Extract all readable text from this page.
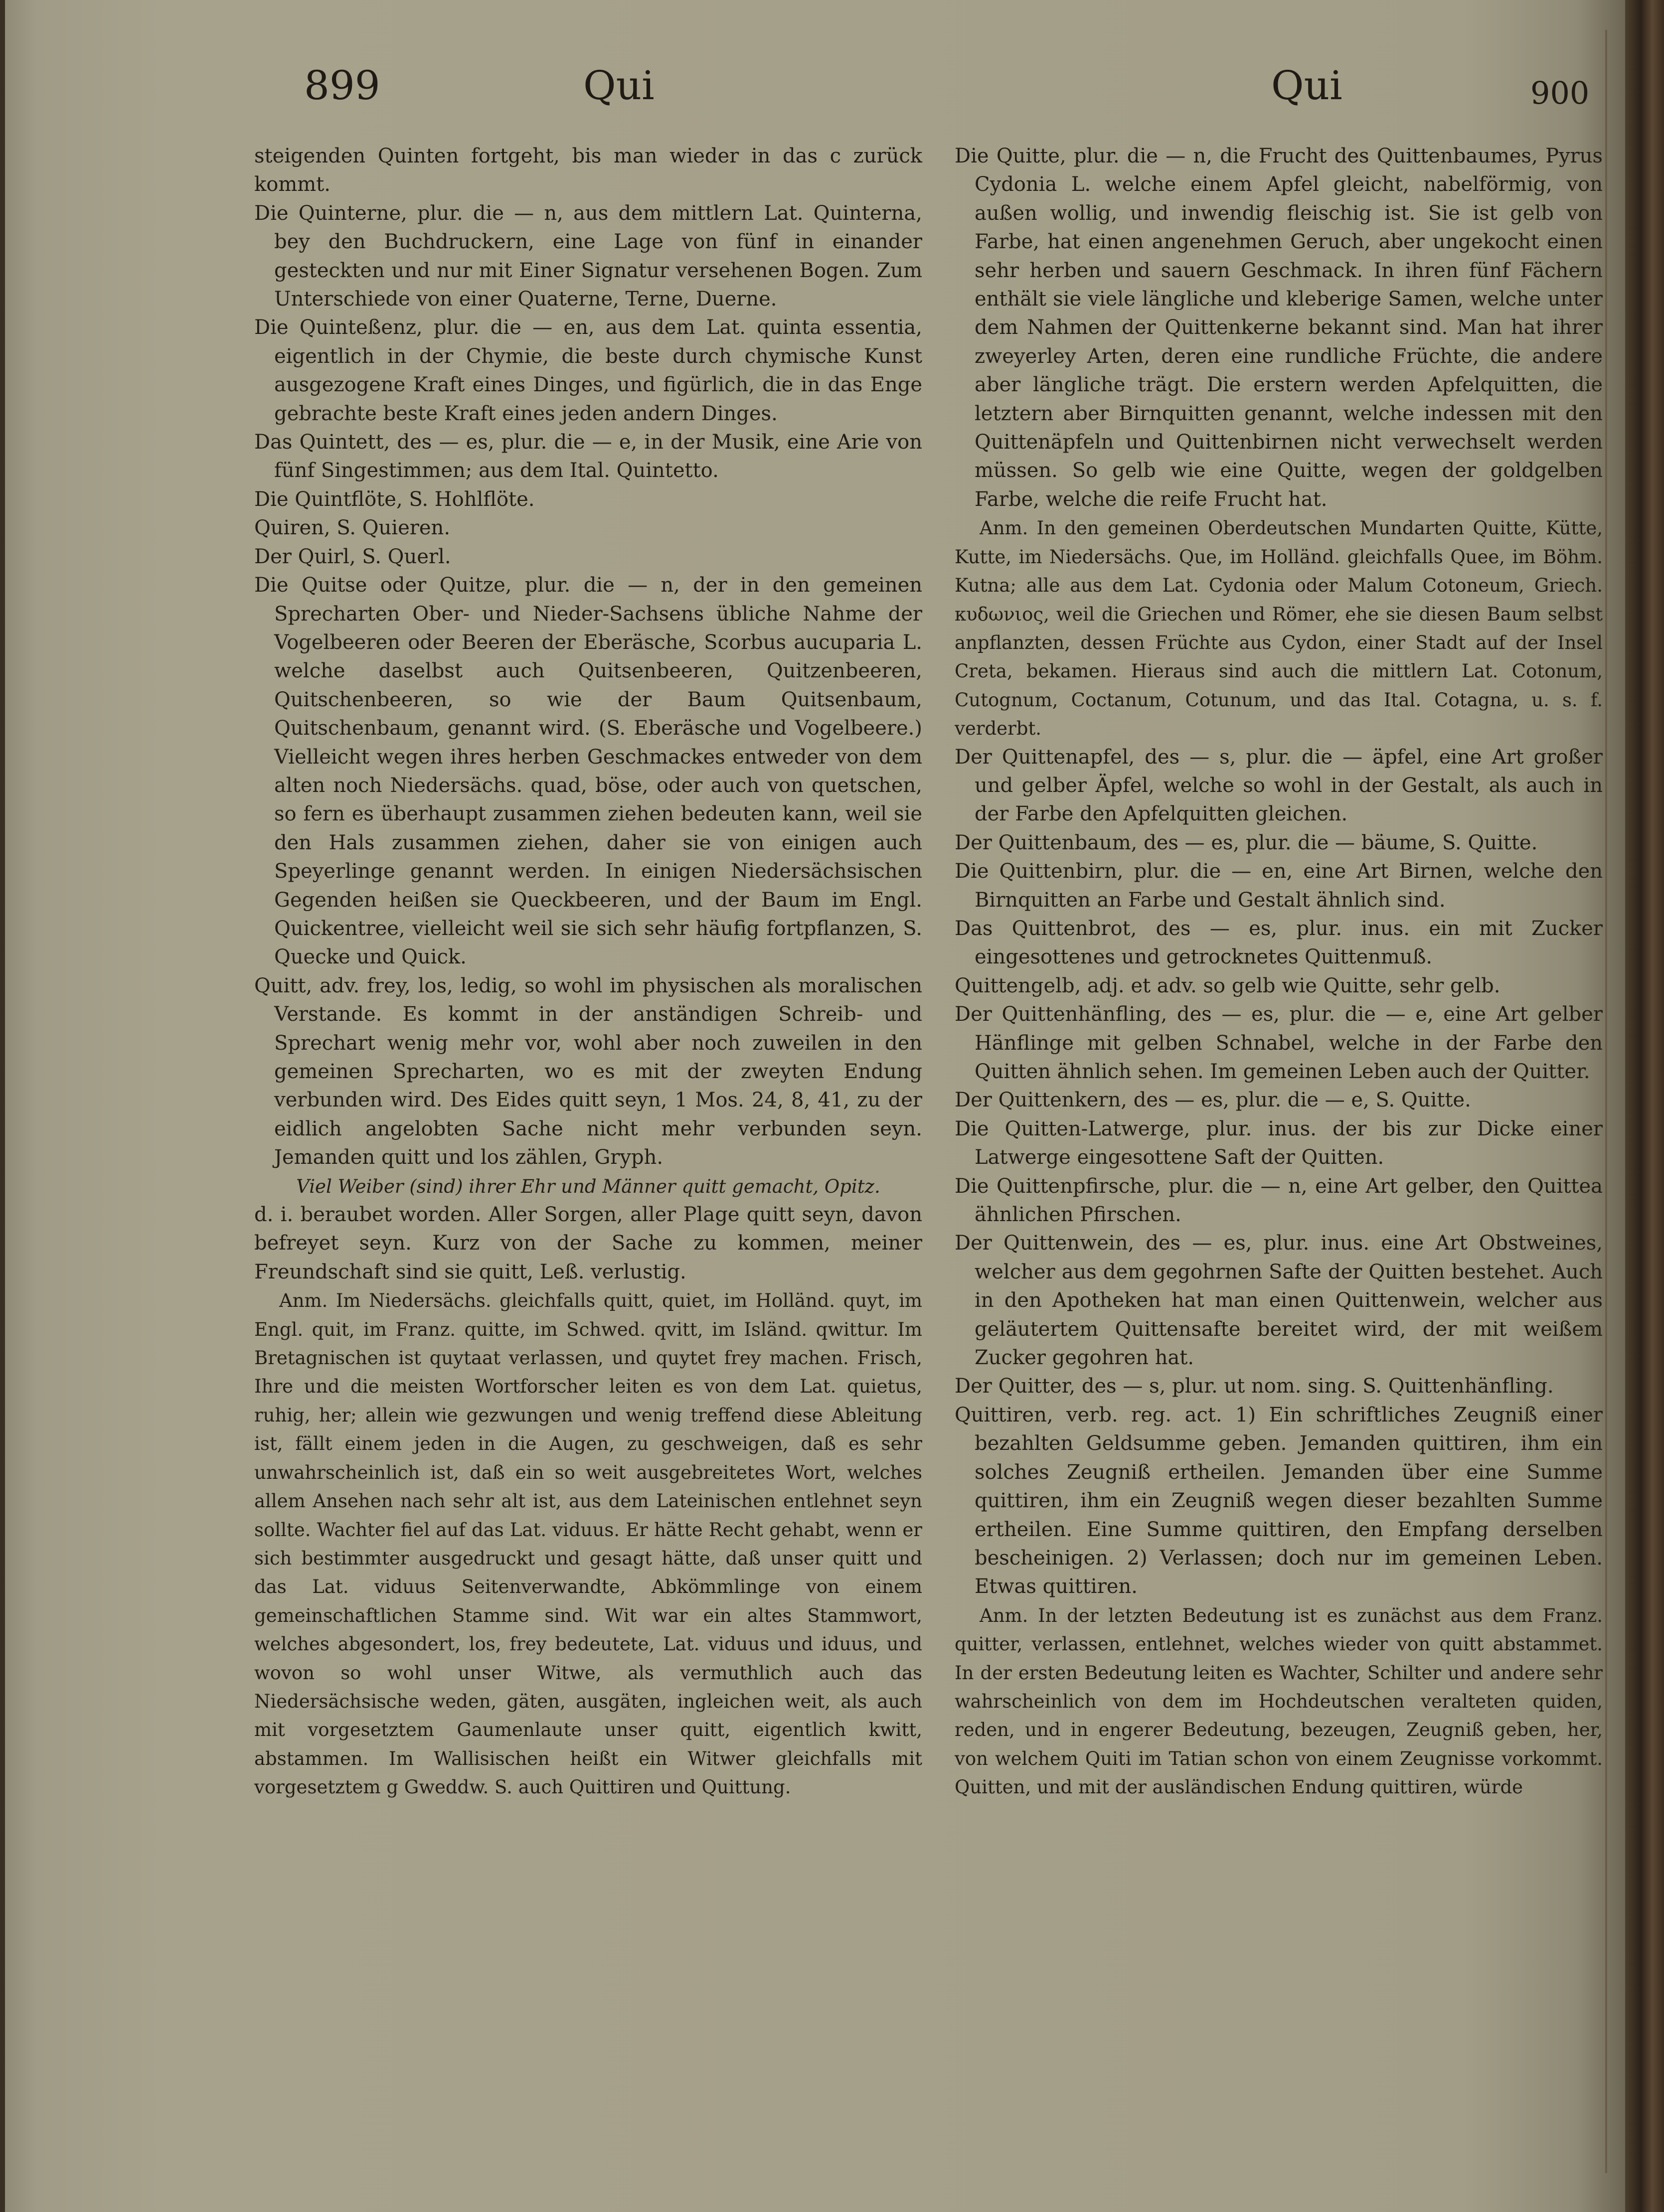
899	Qui	Qui	900

steigenden Quinten fortgeht, bis man wieder in das c zurück kommt.

Die Quinterne, plur. die — n, aus dem mittlern Lat. Quinterna, bey den Buchdruckern, eine Lage von fünf in einander gesteckten und nur mit Einer Signatur versehenen Bogen. Zum Unterschiede von einer Quaterne, Terne, Duerne.

Die Quinteßenz, plur. die — en, aus dem Lat. quinta essentia, eigentlich in der Chymie, die beste durch chymische Kunst ausgezogene Kraft eines Dinges, und figürlich, die in das Enge gebrachte beste Kraft eines jeden andern Dinges.

Das Quintett, des — es, plur. die — e, in der Musik, eine Arie von fünf Singestimmen; aus dem Ital. Quintetto.

Die Quintflöte, S. Hohlflöte.

Quiren, S. Quieren.

Der Quirl, S. Querl.

Die Quitse oder Quitze, plur. die — n, der in den gemeinen Sprecharten Ober- und Nieder-Sachsens übliche Nahme der Vogelbeeren oder Beeren der Eberäsche, Scorbus aucuparia L. welche daselbst auch Quitsenbeeren, Quitzenbeeren, Quitschenbeeren, so wie der Baum Quitsenbaum, Quitschenbaum, genannt wird. (S. Eberäsche und Vogelbeere.) Vielleicht wegen ihres herben Geschmackes entweder von dem alten noch Niedersächs. quad, böse, oder auch von quetschen, so fern es überhaupt zusammen ziehen bedeuten kann, weil sie den Hals zusammen ziehen, daher sie von einigen auch Speyerlinge genannt werden. In einigen Niedersächsischen Gegenden heißen sie Queckbeeren, und der Baum im Engl. Quickentree, vielleicht weil sie sich sehr häufig fortpflanzen, S. Quecke und Quick.

Quitt, adv. frey, los, ledig, so wohl im physischen als moralischen Verstande. Es kommt in der anständigen Schreib- und Sprechart wenig mehr vor, wohl aber noch zuweilen in den gemeinen Sprecharten, wo es mit der zweyten Endung verbunden wird. Des Eides quitt seyn, 1 Mos. 24, 8, 41, zu der eidlich angelobten Sache nicht mehr verbunden seyn. Jemanden quitt und los zählen, Gryph.

Viel Weiber (sind) ihrer Ehr und Männer quitt gemacht, Opitz.

d. i. beraubet worden. Aller Sorgen, aller Plage quitt seyn, davon befreyet seyn. Kurz von der Sache zu kommen, meiner Freundschaft sind sie quitt, Leß. verlustig.

Anm. Im Niedersächs. gleichfalls quitt, quiet, im Holländ. quyt, im Engl. quit, im Franz. quitte, im Schwed. qvitt, im Isländ. qwittur. Im Bretagnischen ist quytaat verlassen, und quytet frey machen. Frisch, Ihre und die meisten Wortforscher leiten es von dem Lat. quietus, ruhig, her; allein wie gezwungen und wenig treffend diese Ableitung ist, fällt einem jeden in die Augen, zu geschweigen, daß es sehr unwahrscheinlich ist, daß ein so weit ausgebreitetes Wort, welches allem Ansehen nach sehr alt ist, aus dem Lateinischen entlehnet seyn sollte. Wachter fiel auf das Lat. viduus. Er hätte Recht gehabt, wenn er sich bestimmter ausgedruckt und gesagt hätte, daß unser quitt und das Lat. viduus Seitenverwandte, Abkömmlinge von einem gemeinschaftlichen Stamme sind. Wit war ein altes Stammwort, welches abgesondert, los, frey bedeutete, Lat. viduus und iduus, und wovon so wohl unser Witwe, als vermuthlich auch das Niedersächsische weden, gäten, ausgäten, ingleichen weit, als auch mit vorgesetztem Gaumenlaute unser quitt, eigentlich kwitt, abstammen. Im Wallisischen heißt ein Witwer gleichfalls mit vorgesetztem g Gweddw. S. auch Quittiren und Quittung.

Die Quitte, plur. die — n, die Frucht des Quittenbaumes, Pyrus Cydonia L. welche einem Apfel gleicht, nabelförmig, von außen wollig, und inwendig fleischig ist. Sie ist gelb von Farbe, hat einen angenehmen Geruch, aber ungekocht einen sehr herben und sauern Geschmack. In ihren fünf Fächern enthält sie viele längliche und kleberige Samen, welche unter dem Nahmen der Quittenkerne bekannt sind. Man hat ihrer zweyerley Arten, deren eine rundliche Früchte, die andere aber längliche trägt. Die erstern werden Apfelquitten, die letztern aber Birnquitten genannt, welche indessen mit den Quittenäpfeln und Quittenbirnen nicht verwechselt werden müssen. So gelb wie eine Quitte, wegen der goldgelben Farbe, welche die reife Frucht hat.

Anm. In den gemeinen Oberdeutschen Mundarten Quitte, Kütte, Kutte, im Niedersächs. Que, im Holländ. gleichfalls Quee, im Böhm. Kutna; alle aus dem Lat. Cydonia oder Malum Cotoneum, Griech. κυδωνιος, weil die Griechen und Römer, ehe sie diesen Baum selbst anpflanzten, dessen Früchte aus Cydon, einer Stadt auf der Insel Creta, bekamen. Hieraus sind auch die mittlern Lat. Cotonum, Cutognum, Coctanum, Cotunum, und das Ital. Cotagna, u. s. f. verderbt.

Der Quittenapfel, des — s, plur. die — äpfel, eine Art großer und gelber Äpfel, welche so wohl in der Gestalt, als auch in der Farbe den Apfelquitten gleichen.

Der Quittenbaum, des — es, plur. die — bäume, S. Quitte.

Die Quittenbirn, plur. die — en, eine Art Birnen, welche den Birnquitten an Farbe und Gestalt ähnlich sind.

Das Quittenbrot, des — es, plur. inus. ein mit Zucker eingesottenes und getrocknetes Quittenmuß.

Quittengelb, adj. et adv. so gelb wie Quitte, sehr gelb.

Der Quittenhänfling, des — es, plur. die — e, eine Art gelber Hänflinge mit gelben Schnabel, welche in der Farbe den Quitten ähnlich sehen. Im gemeinen Leben auch der Quitter.

Der Quittenkern, des — es, plur. die — e, S. Quitte.

Die Quitten-Latwerge, plur. inus. der bis zur Dicke einer Latwerge eingesottene Saft der Quitten.

Die Quittenpfirsche, plur. die — n, eine Art gelber, den Quittea ähnlichen Pfirschen.

Der Quittenwein, des — es, plur. inus. eine Art Obstweines, welcher aus dem gegohrnen Safte der Quitten bestehet. Auch in den Apotheken hat man einen Quittenwein, welcher aus geläutertem Quittensafte bereitet wird, der mit weißem Zucker gegohren hat.

Der Quitter, des — s, plur. ut nom. sing. S. Quittenhänfling.

Quittiren, verb. reg. act. 1) Ein schriftliches Zeugniß einer bezahlten Geldsumme geben. Jemanden quittiren, ihm ein solches Zeugniß ertheilen. Jemanden über eine Summe quittiren, ihm ein Zeugniß wegen dieser bezahlten Summe ertheilen. Eine Summe quittiren, den Empfang derselben bescheinigen. 2) Verlassen; doch nur im gemeinen Leben. Etwas quittiren.

Anm. In der letzten Bedeutung ist es zunächst aus dem Franz. quitter, verlassen, entlehnet, welches wieder von quitt abstammet. In der ersten Bedeutung leiten es Wachter, Schilter und andere sehr wahrscheinlich von dem im Hochdeutschen veralteten quiden, reden, und in engerer Bedeutung, bezeugen, Zeugniß geben, her, von welchem Quiti im Tatian schon von einem Zeugnisse vorkommt. Quitten, und mit der ausländischen Endung quittiren, würde
